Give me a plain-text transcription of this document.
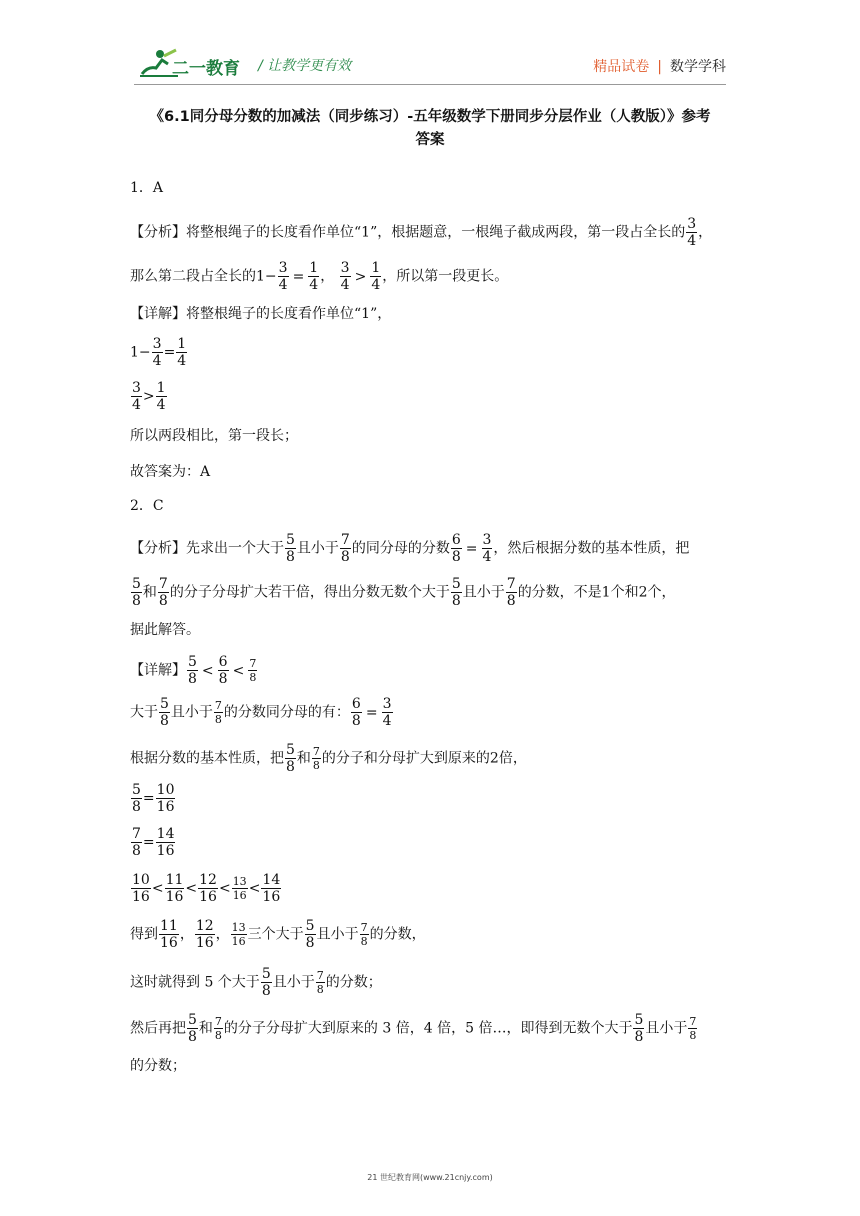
二一教育 / 让教学更有效	精品试卷 | 数学学科
《6.1同分母分数的加减法（同步练习）-五年级数学下册同步分层作业（人教版）》参考
答案
1．A
【分析】将整根绳子的长度看作单位“1”，根据题意，一根绳子截成两段，第一段占全长的 $\frac{3}{4}$ ，
那么第二段占全长的$1- \frac{3}{4} = \frac{1}{4}$ ， $\frac{3}{4} > \frac{1}{4}$ ，所以第一段更长。
【详解】将整根绳子的长度看作单位“1”，
$1- \frac{3}{4} = \frac{1}{4}$
$\frac{3}{4} > \frac{1}{4}$
所以两段相比，第一段长；
故答案为：A
2．C
【分析】先求出一个大于 $\frac{5}{8}$ 且小于 $\frac{7}{8}$ 的同分母的分数 $\frac{6}{8} = \frac{3}{4}$ ，然后根据分数的基本性质，把
$\frac{5}{8}$ 和 $\frac{7}{8}$ 的分子分母扩大若干倍，得出分数无数个大于 $\frac{5}{8}$ 且小于 $\frac{7}{8}$ 的分数，不是1个和2个，
据此解答。
【详解】 $\frac{5}{8} < \frac{6}{8} < \frac{7}{8}$
大于 $\frac{5}{8}$ 且小于 $\frac{7}{8}$ 的分数同分母的有： $\frac{6}{8} = \frac{3}{4}$
根据分数的基本性质，把 $\frac{5}{8}$ 和 $\frac{7}{8}$ 的分子和分母扩大到原来的2倍，
$\frac{5}{8} = \frac{10}{16}$
$\frac{7}{8} = \frac{14}{16}$
$\frac{10}{16} < \frac{11}{16} < \frac{12}{16} < \frac{13}{16} < \frac{14}{16}$
得到 $\frac{11}{16}$ ， $\frac{12}{16}$ ， $\frac{13}{16}$ 三个大于 $\frac{5}{8}$ 且小于 $\frac{7}{8}$ 的分数，
这时就得到 5 个大于 $\frac{5}{8}$ 且小于 $\frac{7}{8}$ 的分数；
然后再把 $\frac{5}{8}$ 和 $\frac{7}{8}$ 的分子分母扩大到原来的 3 倍，4 倍，5 倍…，即得到无数个大于 $\frac{5}{8}$ 且小于 $\frac{7}{8}$
的分数；
21 世纪教育网(www.21cnjy.com)
